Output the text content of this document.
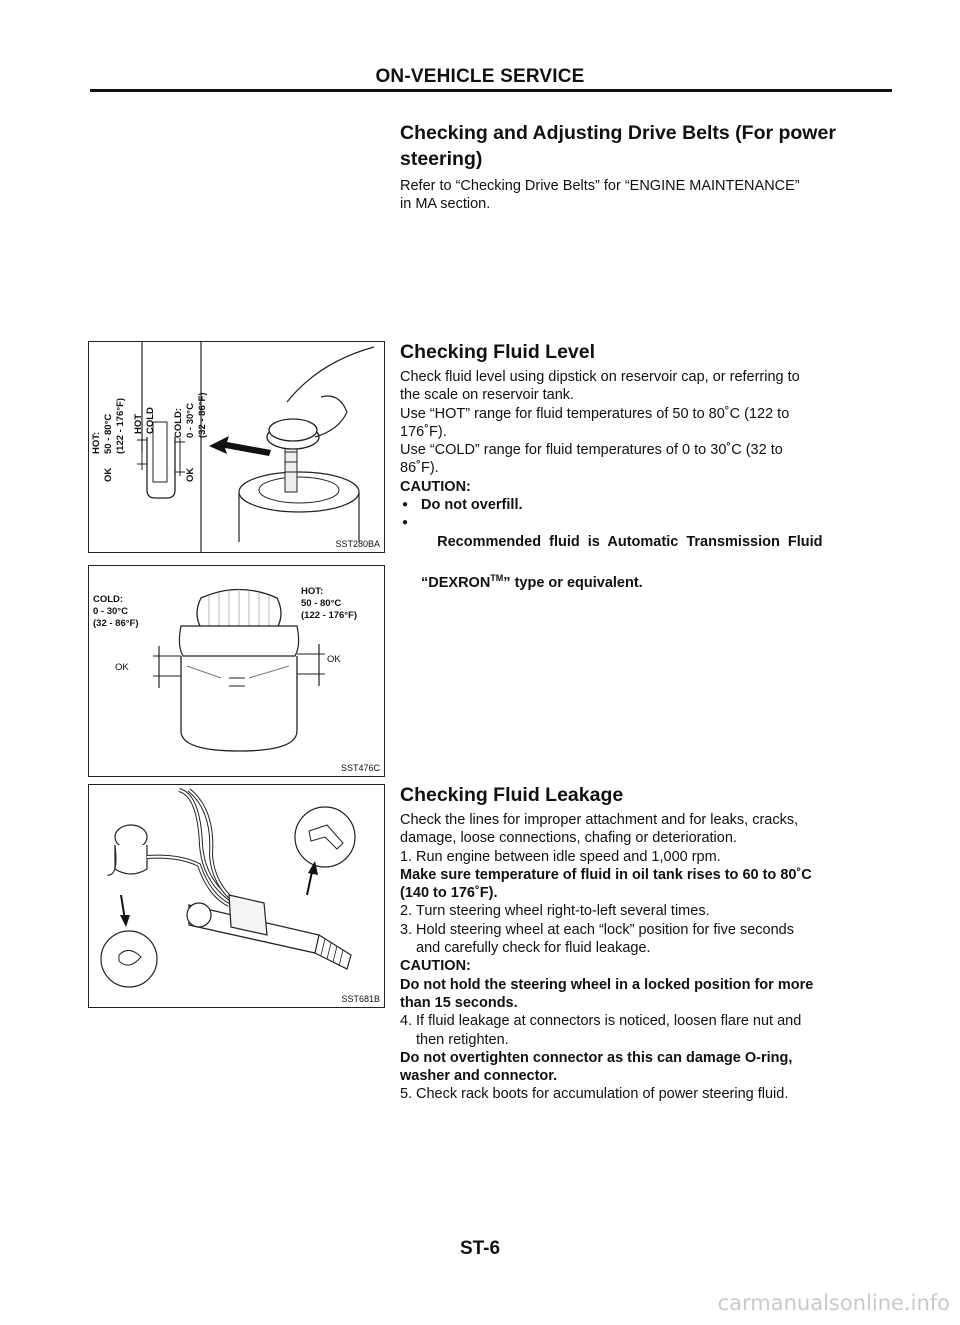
ON-VEHICLE SERVICE
Checking and Adjusting Drive Belts (For power
steering)
Refer to “Checking Drive Belts” for “ENGINE MAINTENANCE”
in MA section.
Checking Fluid Level
Check fluid level using dipstick on reservoir cap, or referring to
the scale on reservoir tank.
Use “HOT” range for fluid temperatures of 50 to 80˚C (122 to
176˚F).
Use “COLD” range for fluid temperatures of 0 to 30˚C (32 to
86˚F).
CAUTION:
● Do not overfill.

● Recommended  fluid  is  Automatic  Transmission  Fluid

“DEXRON™” type or equivalent.
Checking Fluid Leakage
Check the lines for improper attachment and for leaks, cracks,
damage, loose connections, chafing or deterioration.
1. Run engine between idle speed and 1,000 rpm.
Make sure temperature of fluid in oil tank rises to 60 to 80˚C
(140 to 176˚F).
2. Turn steering wheel right-to-left several times.
3. Hold steering wheel at each “lock” position for five seconds
and carefully check for fluid leakage.
CAUTION:
Do not hold the steering wheel in a locked position for more
than 15 seconds.
4. If fluid leakage at connectors is noticed, loosen flare nut and
then retighten.
Do not overtighten connector as this can damage O-ring,
washer and connector.
5. Check rack boots for accumulation of power steering fluid.
HOT: 50 - 80°C (122 - 176°F) HOT COLD COLD: 0 - 30°C (32 - 86°F)
OK	OK
SST280BA
COLD:
0 - 30°C
(32 - 86°F)
HOT:
50 - 80°C
(122 - 176°F)
OK
OK
SST476C
SST681B
ST-6
carmanualsonline.info
